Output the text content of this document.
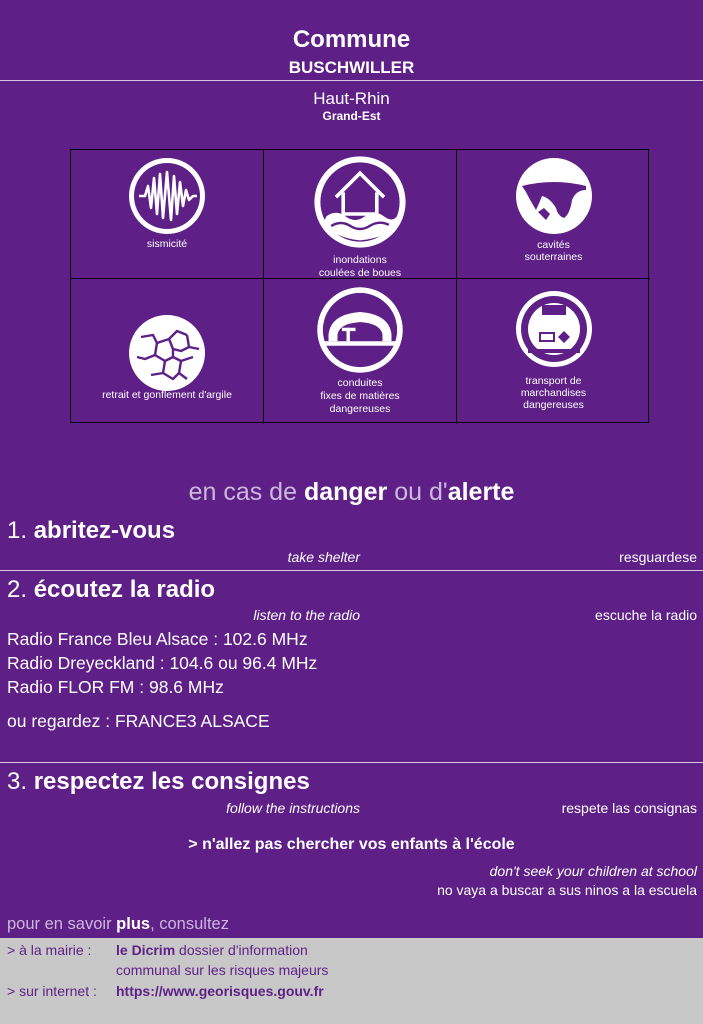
Commune
BUSCHWILLER
Haut-Rhin
Grand-Est
sismicité
inondations
coulées de boues
cavités
souterraines
retrait et gonflement d'argile
conduites
fixes de matières
dangereuses
transport de
marchandises
dangereuses
en cas de danger ou d'alerte
1. abritez-vous
take shelter	resguardese
2. écoutez la radio
listen to the radio	escuche la radio
Radio France Bleu Alsace : 102.6 MHz
Radio Dreyeckland : 104.6 ou 96.4 MHz
Radio FLOR FM : 98.6 MHz
ou regardez : FRANCE3 ALSACE
3. respectez les consignes
follow the instructions	respete las consignas
> n'allez pas chercher vos enfants à l'école
don't seek your children at school
no vaya a buscar a sus ninos a la escuela
pour en savoir plus, consultez
> à la mairie : le Dicrim dossier d'information
communal sur les risques majeurs
> sur internet : https://www.georisques.gouv.fr
